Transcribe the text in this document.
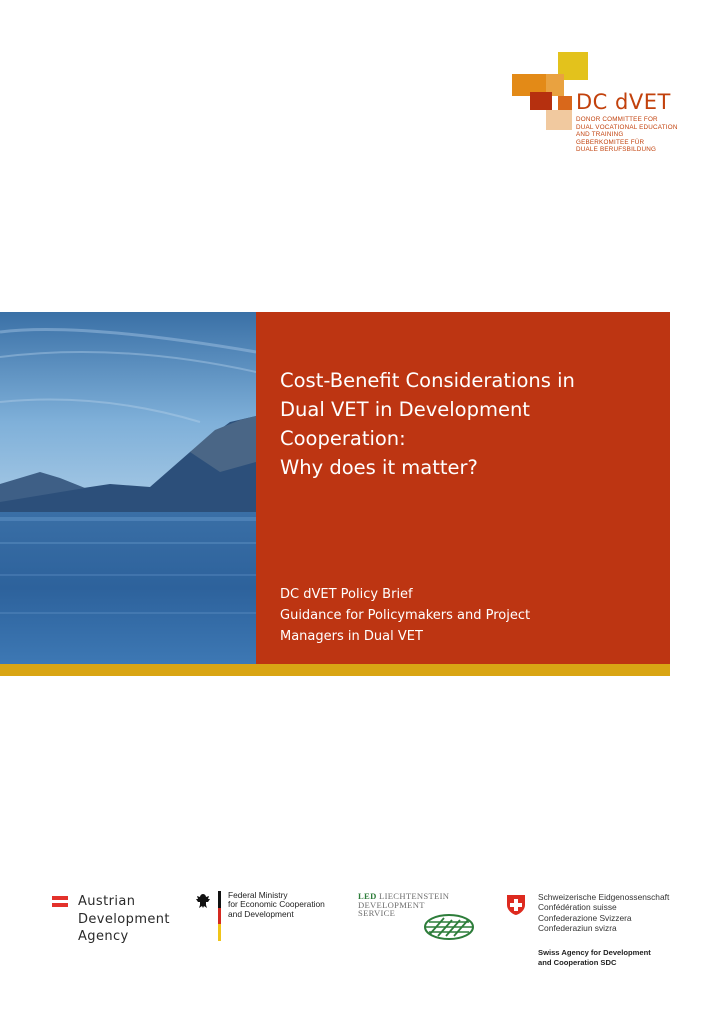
DC dVET
DONOR COMMITTEE FOR
DUAL VOCATIONAL EDUCATION
AND TRAINING
GEBERKOMITEE FÜR
DUALE BERUFSBILDUNG
Cost-Benefit Considerations in
Dual VET in Development
Cooperation:
Why does it matter?
DC dVET Policy Brief
Guidance for Policymakers and Project
Managers in Dual VET
Austrian
Development
Agency
Federal Ministry
for Economic Cooperation
and Development
LED LIECHTENSTEIN
DEVELOPMENT
SERVICE
Schweizerische Eidgenossenschaft
Confédération suisse
Confederazione Svizzera
Confederaziun svizra
Swiss Agency for Development
and Cooperation SDC
